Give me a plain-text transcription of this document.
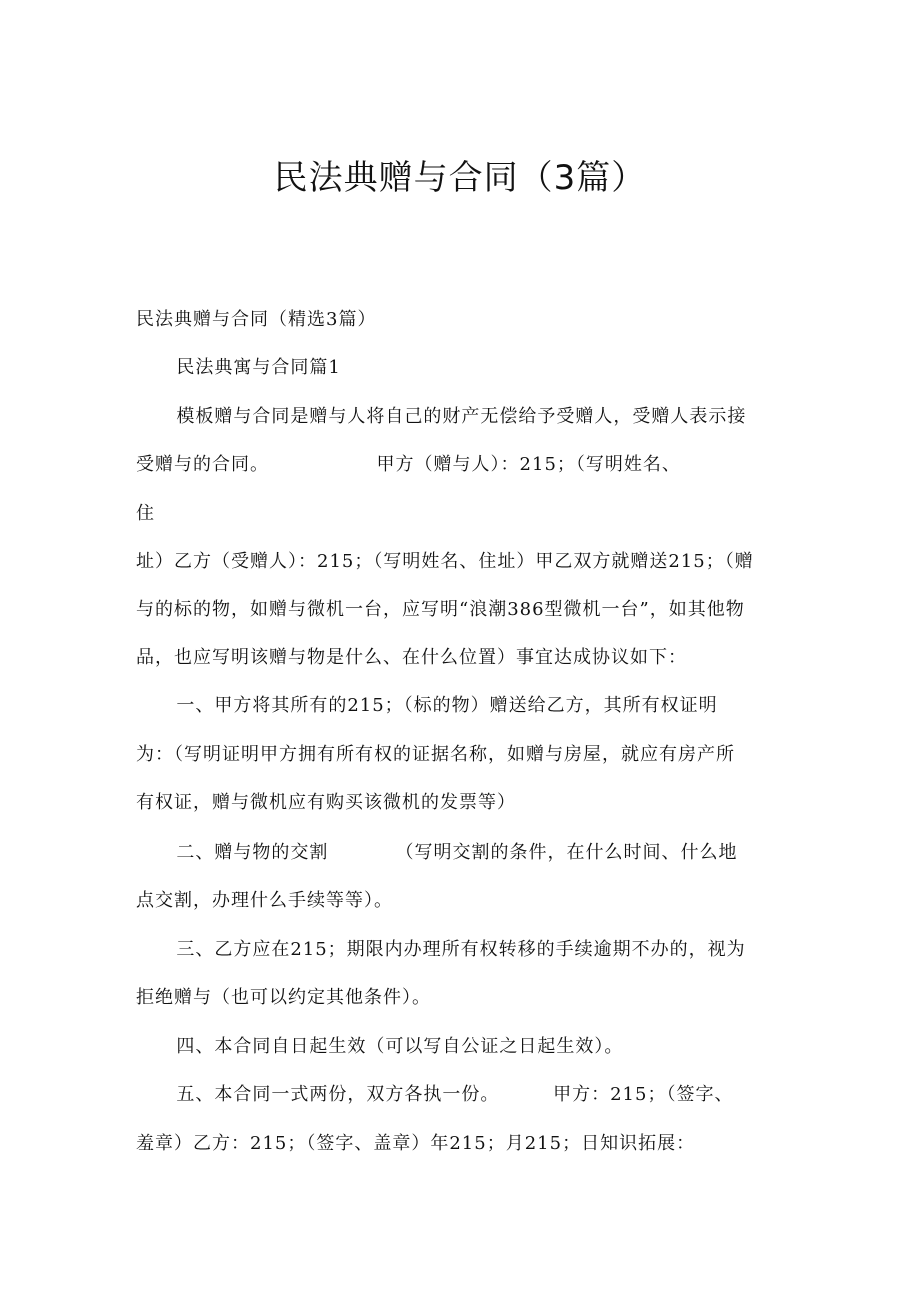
民法典赠与合同（3篇）
民法典赠与合同（精选3篇）
民法典寓与合同篇1
模板赠与合同是赠与人将自己的财产无偿给予受赠人，受赠人表示接
受赠与的合同。                甲方（赠与人）：215；（写明姓名、
住
址）乙方（受赠人）：215；（写明姓名、住址）甲乙双方就赠送215；（赠
与的标的物，如赠与微机一台，应写明“浪潮386型微机一台”，如其他物
品，也应写明该赠与物是什么、在什么位置）事宜达成协议如下：
一、甲方将其所有的215；（标的物）赠送给乙方，其所有权证明
为：（写明证明甲方拥有所有权的证据名称，如赠与房屋，就应有房产所
有权证，赠与微机应有购买该微机的发票等）
二、赠与物的交割          （写明交割的条件，在什么时间、什么地
点交割，办理什么手续等等）。
三、乙方应在215；期限内办理所有权转移的手续逾期不办的，视为
拒绝赠与（也可以约定其他条件）。
四、本合同自日起生效（可以写自公证之日起生效）。
五、本合同一式两份，双方各执一份。        甲方：215；（签字、
羞章）乙方：215；（签字、盖章）年215；月215；日知识拓展：
